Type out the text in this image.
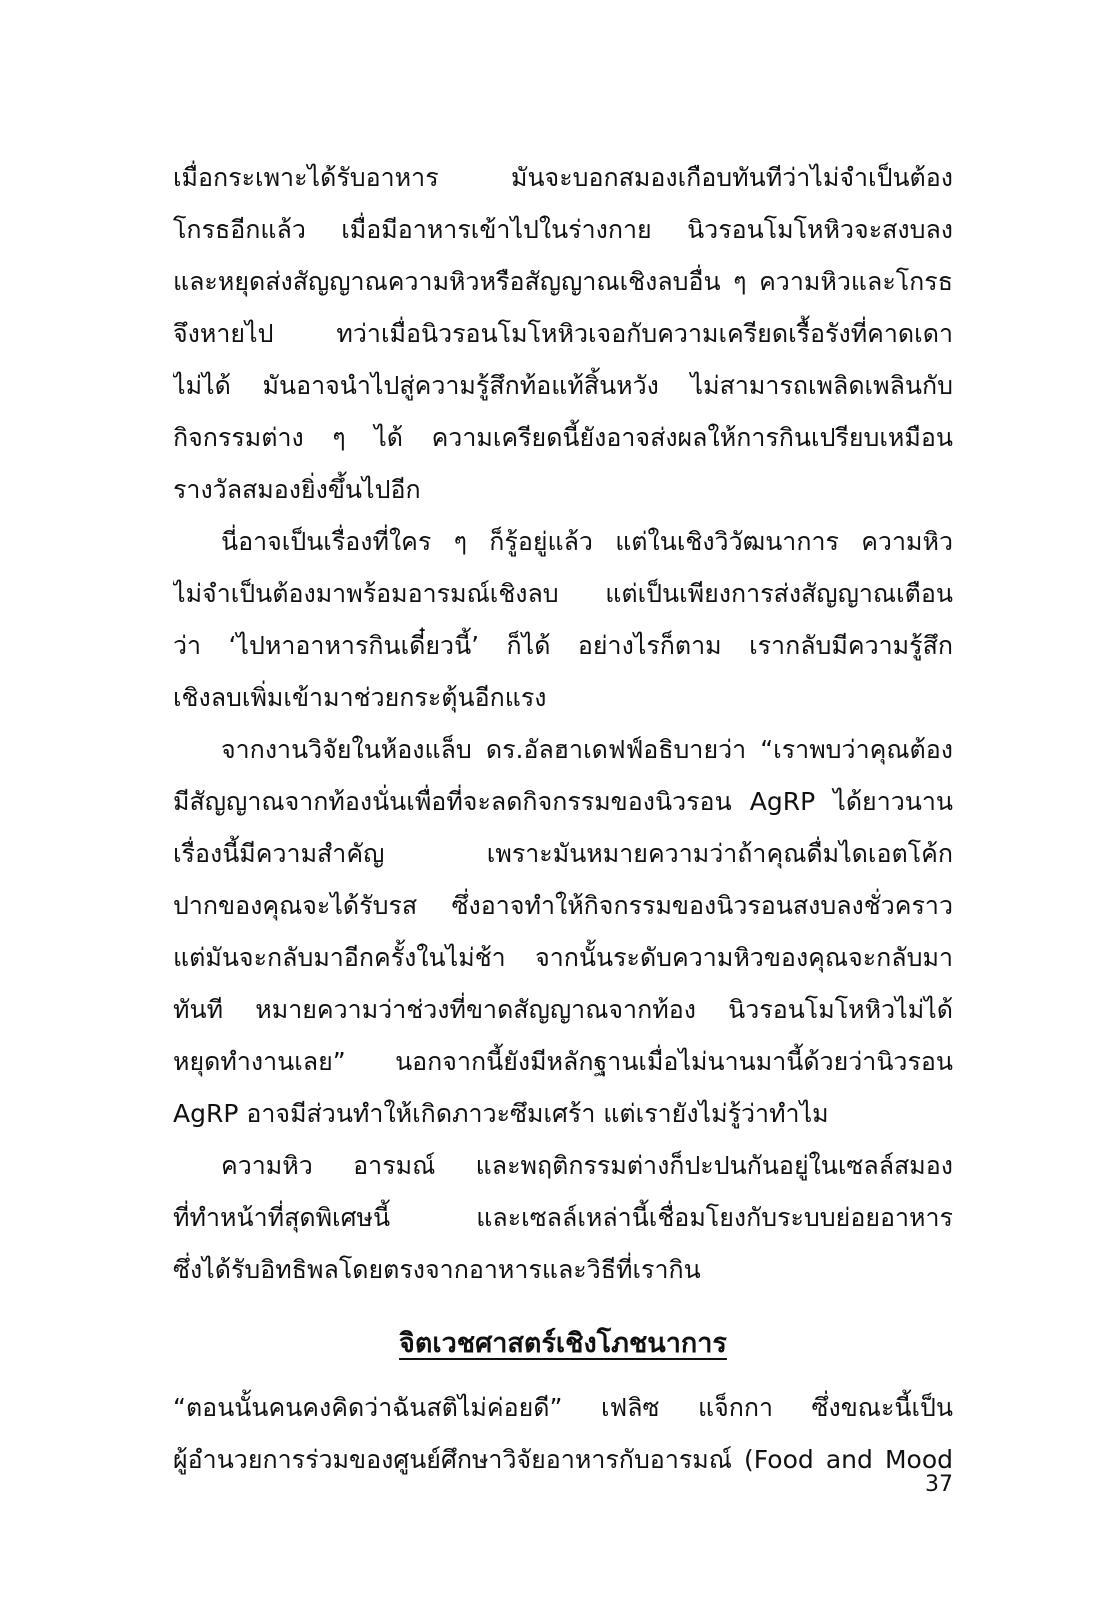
เมื่อกระเพาะได้รับอาหาร มันจะบอกสมองเกือบทันทีว่าไม่จำเป็นต้อง
โกรธอีกแล้ว เมื่อมีอาหารเข้าไปในร่างกาย นิวรอนโมโหหิวจะสงบลง
และหยุดส่งสัญญาณความหิวหรือสัญญาณเชิงลบอื่น ๆ ความหิวและโกรธ
จึงหายไป ทว่าเมื่อนิวรอนโมโหหิวเจอกับความเครียดเรื้อรังที่คาดเดา
ไม่ได้ มันอาจนำไปสู่ความรู้สึกท้อแท้สิ้นหวัง ไม่สามารถเพลิดเพลินกับ
กิจกรรมต่าง ๆ ได้ ความเครียดนี้ยังอาจส่งผลให้การกินเปรียบเหมือน
รางวัลสมองยิ่งขึ้นไปอีก
นี่อาจเป็นเรื่องที่ใคร ๆ ก็รู้อยู่แล้ว แต่ในเชิงวิวัฒนาการ ความหิว
ไม่จำเป็นต้องมาพร้อมอารมณ์เชิงลบ แต่เป็นเพียงการส่งสัญญาณเตือน
ว่า ‘ไปหาอาหารกินเดี๋ยวนี้’ ก็ได้ อย่างไรก็ตาม เรากลับมีความรู้สึก
เชิงลบเพิ่มเข้ามาช่วยกระตุ้นอีกแรง
จากงานวิจัยในห้องแล็บ ดร.อัลฮาเดฟฟ์อธิบายว่า “เราพบว่าคุณต้อง
มีสัญญาณจากท้องนั่นเพื่อที่จะลดกิจกรรมของนิวรอน AgRP ได้ยาวนาน
เรื่องนี้มีความสำคัญ เพราะมันหมายความว่าถ้าคุณดื่มไดเอตโค้ก
ปากของคุณจะได้รับรส ซึ่งอาจทำให้กิจกรรมของนิวรอนสงบลงชั่วคราว
แต่มันจะกลับมาอีกครั้งในไม่ช้า จากนั้นระดับความหิวของคุณจะกลับมา
ทันที หมายความว่าช่วงที่ขาดสัญญาณจากท้อง นิวรอนโมโหหิวไม่ได้
หยุดทำงานเลย” นอกจากนี้ยังมีหลักฐานเมื่อไม่นานมานี้ด้วยว่านิวรอน
AgRP อาจมีส่วนทำให้เกิดภาวะซึมเศร้า แต่เรายังไม่รู้ว่าทำไม
ความหิว อารมณ์ และพฤติกรรมต่างก็ปะปนกันอยู่ในเซลล์สมอง
ที่ทำหน้าที่สุดพิเศษนี้ และเซลล์เหล่านี้เชื่อมโยงกับระบบย่อยอาหาร
ซึ่งได้รับอิทธิพลโดยตรงจากอาหารและวิธีที่เรากิน
จิตเวชศาสตร์เชิงโภชนาการ
“ตอนนั้นคนคงคิดว่าฉันสติไม่ค่อยดี” เฟลิซ แจ็กกา ซึ่งขณะนี้เป็น
ผู้อำนวยการร่วมของศูนย์ศึกษาวิจัยอาหารกับอารมณ์ (Food and Mood
37
